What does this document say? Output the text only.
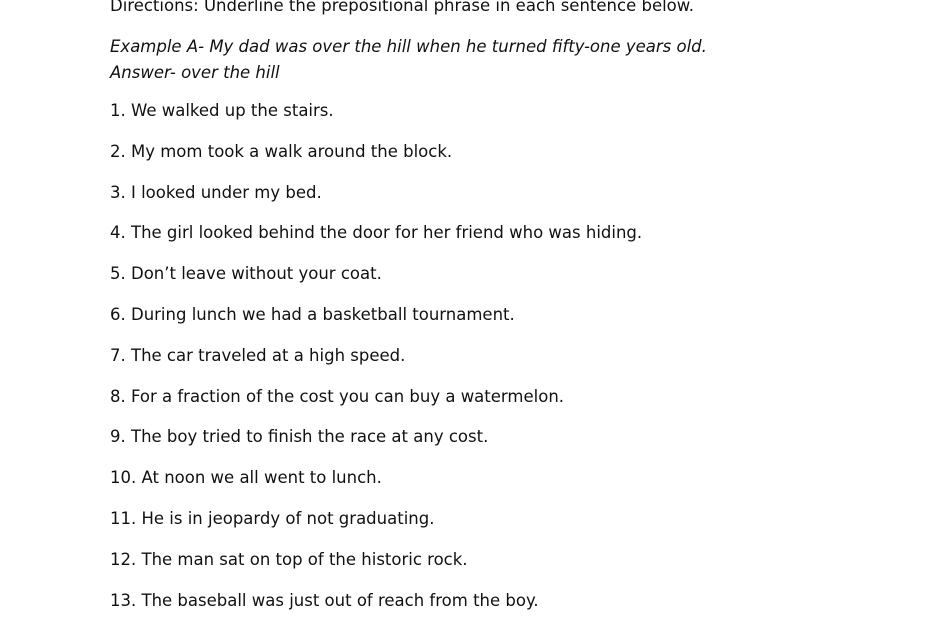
Directions: Underline the prepositional phrase in each sentence below.
Example A- My dad was over the hill when he turned fifty-one years old.
Answer- over the hill
1. We walked up the stairs.
2. My mom took a walk around the block.
3. I looked under my bed.
4. The girl looked behind the door for her friend who was hiding.
5. Don’t leave without your coat.
6. During lunch we had a basketball tournament.
7. The car traveled at a high speed.
8. For a fraction of the cost you can buy a watermelon.
9. The boy tried to finish the race at any cost.
10. At noon we all went to lunch.
11. He is in jeopardy of not graduating.
12. The man sat on top of the historic rock.
13. The baseball was just out of reach from the boy.
